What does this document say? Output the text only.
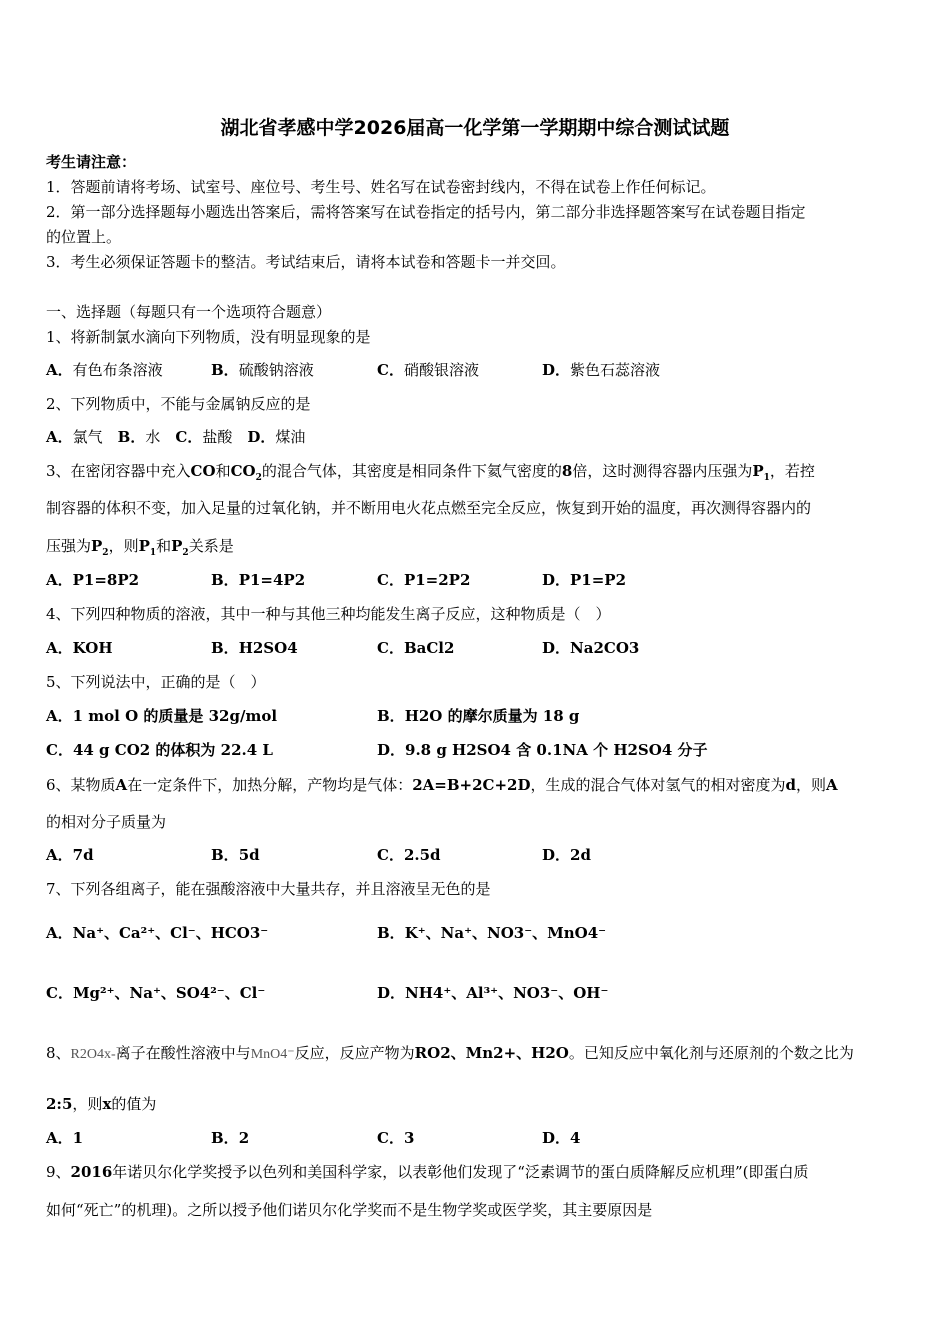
湖北省孝感中学2026届高一化学第一学期期中综合测试试题
考生请注意：
1．答题前请将考场、试室号、座位号、考生号、姓名写在试卷密封线内，不得在试卷上作任何标记。
2．第一部分选择题每小题选出答案后，需将答案写在试卷指定的括号内，第二部分非选择题答案写在试卷题目指定
的位置上。
3．考生必须保证答题卡的整洁。考试结束后，请将本试卷和答题卡一并交回。
一、选择题（每题只有一个选项符合题意）
1、将新制氯水滴向下列物质，没有明显现象的是
A．有色布条溶液	B．硫酸钠溶液	C．硝酸银溶液	D．紫色石蕊溶液
2、下列物质中，不能与金属钠反应的是
A．氯气　 B．水　 C．盐酸　 D．煤油
3、在密闭容器中充入CO和$CO_2$的混合气体，其密度是相同条件下氦气密度的8倍，这时测得容器内压强为$P_1$，若控
制容器的体积不变，加入足量的过氧化钠，并不断用电火花点燃至完全反应，恢复到开始的温度，再次测得容器内的
压强为$P_2$，则$P_1$和$P_2$关系是
A．P1=8P2	B．P1=4P2	C．P1=2P2	D．P1=P2
4、下列四种物质的溶液，其中一种与其他三种均能发生离子反应，这种物质是（　）
A．KOH	B．H2SO4	C．BaCl2	D．Na2CO3
5、下列说法中，正确的是（　）
A．1 mol O 的质量是 32g/mol	B．H2O 的摩尔质量为 18 g
C．44 g CO2 的体积为 22.4 L	D．9.8 g H2SO4 含 0.1NA 个 H2SO4 分子
6、某物质A在一定条件下，加热分解，产物均是气体：2A=B+2C+2D，生成的混合气体对氢气的相对密度为d，则A
的相对分子质量为
A．7d	B．5d	C．2.5d	D．2d
7、下列各组离子，能在强酸溶液中大量共存，并且溶液呈无色的是
A．Na⁺、Ca²⁺、Cl⁻、HCO3⁻	B．K⁺、Na⁺、NO3⁻、MnO4⁻
C．Mg²⁺、Na⁺、SO4²⁻、Cl⁻	D．NH4⁺、Al³⁺、NO3⁻、OH⁻
8、R2O4x-离子在酸性溶液中与MnO4⁻反应，反应产物为RO2、Mn2+、H2O。已知反应中氧化剂与还原剂的个数之比为
2:5，则x的值为
A．1	B．2	C．3	D．4
9、2016年诺贝尔化学奖授予以色列和美国科学家，以表彰他们发现了“泛素调节的蛋白质降解反应机理”(即蛋白质
如何“死亡”的机理)。之所以授予他们诺贝尔化学奖而不是生物学奖或医学奖，其主要原因是
